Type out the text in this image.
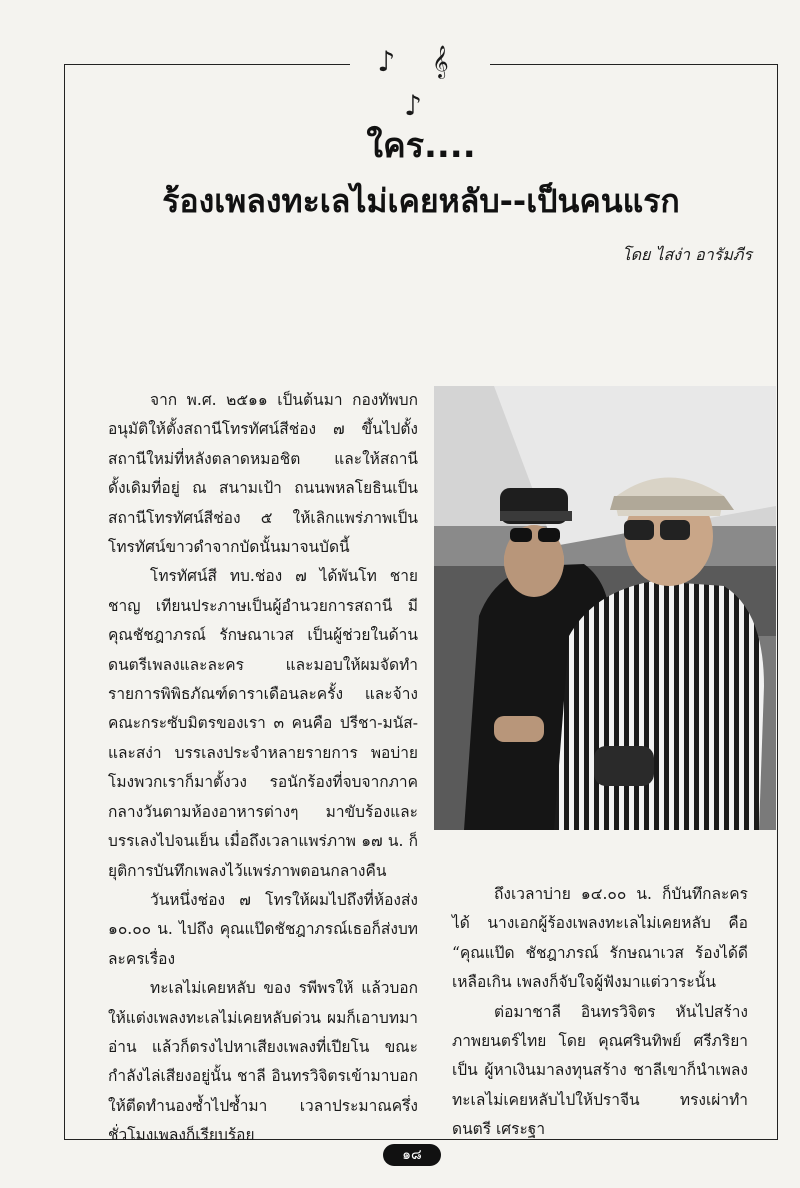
♪ 𝄞 ♪
ใคร....
ร้องเพลงทะเลไม่เคยหลับ--เป็นคนแรก
โดย ไสง่า อารัมภีร

จาก พ.ศ. ๒๕๑๑ เป็นต้นมา กองทัพบก อนุมัติให้ตั้งสถานีโทรทัศน์สีช่อง ๗ ขึ้นไปตั้งสถานีใหม่ที่หลังตลาดหมอชิต และให้สถานีดั้งเดิมที่อยู่ ณ สนามเป้า ถนนพหลโยธินเป็นสถานีโทรทัศน์สีช่อง ๕ ให้เลิกแพร่ภาพเป็นโทรทัศน์ขาวดำจากบัดนั้นมาจนบัดนี้

โทรทัศน์สี ทบ.ช่อง ๗ ได้พันโท ชายชาญ เทียนประภาษเป็นผู้อำนวยการสถานี มีคุณชัชฎาภรณ์ รักษณาเวส เป็นผู้ช่วยในด้านดนตรีเพลงและละคร และมอบให้ผมจัดทำรายการพิพิธภัณฑ์ดาราเดือนละครั้ง และจ้างคณะกระซับมิตรของเรา ๓ คนคือ ปรีชา-มนัส-และสง่า บรรเลงประจำหลายรายการ พอบ่ายโมงพวกเราก็มาตั้งวง รอนักร้องที่จบจากภาคกลางวันตามห้องอาหารต่างๆ มาขับร้องและบรรเลงไปจนเย็น เมื่อถึงเวลาแพร่ภาพ ๑๗ น. ก็ยุติการบันทึกเพลงไว้แพร่ภาพตอนกลางคืน

วันหนึ่งช่อง ๗ โทรให้ผมไปถึงที่ห้องส่ง ๑๐.๐๐ น. ไปถึง คุณแป๊ดชัชฎาภรณ์เธอก็ส่งบทละครเรื่อง

ทะเลไม่เคยหลับ ของ รพีพรให้ แล้วบอกให้แต่งเพลงทะเลไม่เคยหลับด่วน ผมก็เอาบทมาอ่าน แล้วก็ตรงไปหาเสียงเพลงที่เปียโน ขณะกำลังไล่เสียงอยู่นั้น ชาลี อินทรวิจิตรเข้ามาบอกให้ตีดทำนองซ้ำไปซ้ำมา เวลาประมาณครึ่งชั่วโมงเพลงก็เรียบร้อย

ถึงเวลาบ่าย ๑๔.๐๐ น. ก็บันทึกละครได้ นางเอกผู้ร้องเพลงทะเลไม่เคยหลับ คือ “คุณแป๊ด ชัชฎาภรณ์ รักษณาเวส ร้องได้ดีเหลือเกิน เพลงก็จับใจผู้ฟังมาแต่วาระนั้น

ต่อมาชาลี อินทรวิจิตร หันไปสร้างภาพยนตร์ไทย โดย คุณศรินทิพย์ ศรีภริยาเป็น ผู้หาเงินมาลงทุนสร้าง ชาลีเขาก็นำเพลงทะเลไม่เคยหลับไปให้ปราจีน ทรงเผ่าทำดนตรี เศระฐา

๑๘
